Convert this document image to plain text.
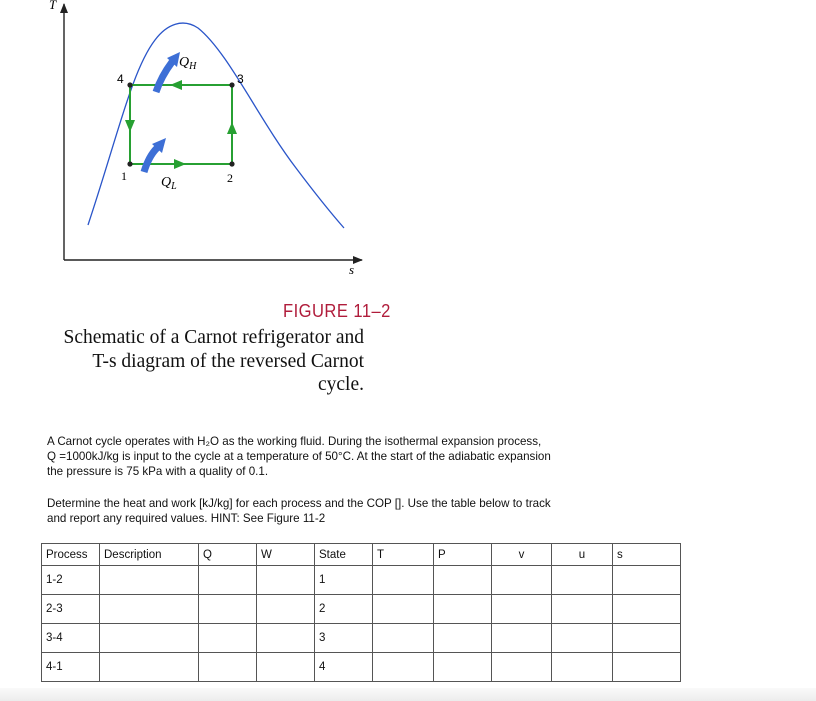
T
s
4	3
1	2
$Q_H$
$Q_L$
FIGURE 11–2
Schematic of a Carnot refrigerator and
T-s diagram of the reversed Carnot
cycle.

A Carnot cycle operates with H₂O as the working fluid. During the isothermal expansion process,
Q =1000kJ/kg is input to the cycle at a temperature of 50°C. At the start of the adiabatic expansion
the pressure is 75 kPa with a quality of 0.1.

Determine the heat and work [kJ/kg] for each process and the COP []. Use the table below to track
and report any required values. HINT: See Figure 11-2

Process	Description	Q	W	State	T	P	v	u	s
1-2				1					
2-3				2					
3-4				3					
4-1				4					
